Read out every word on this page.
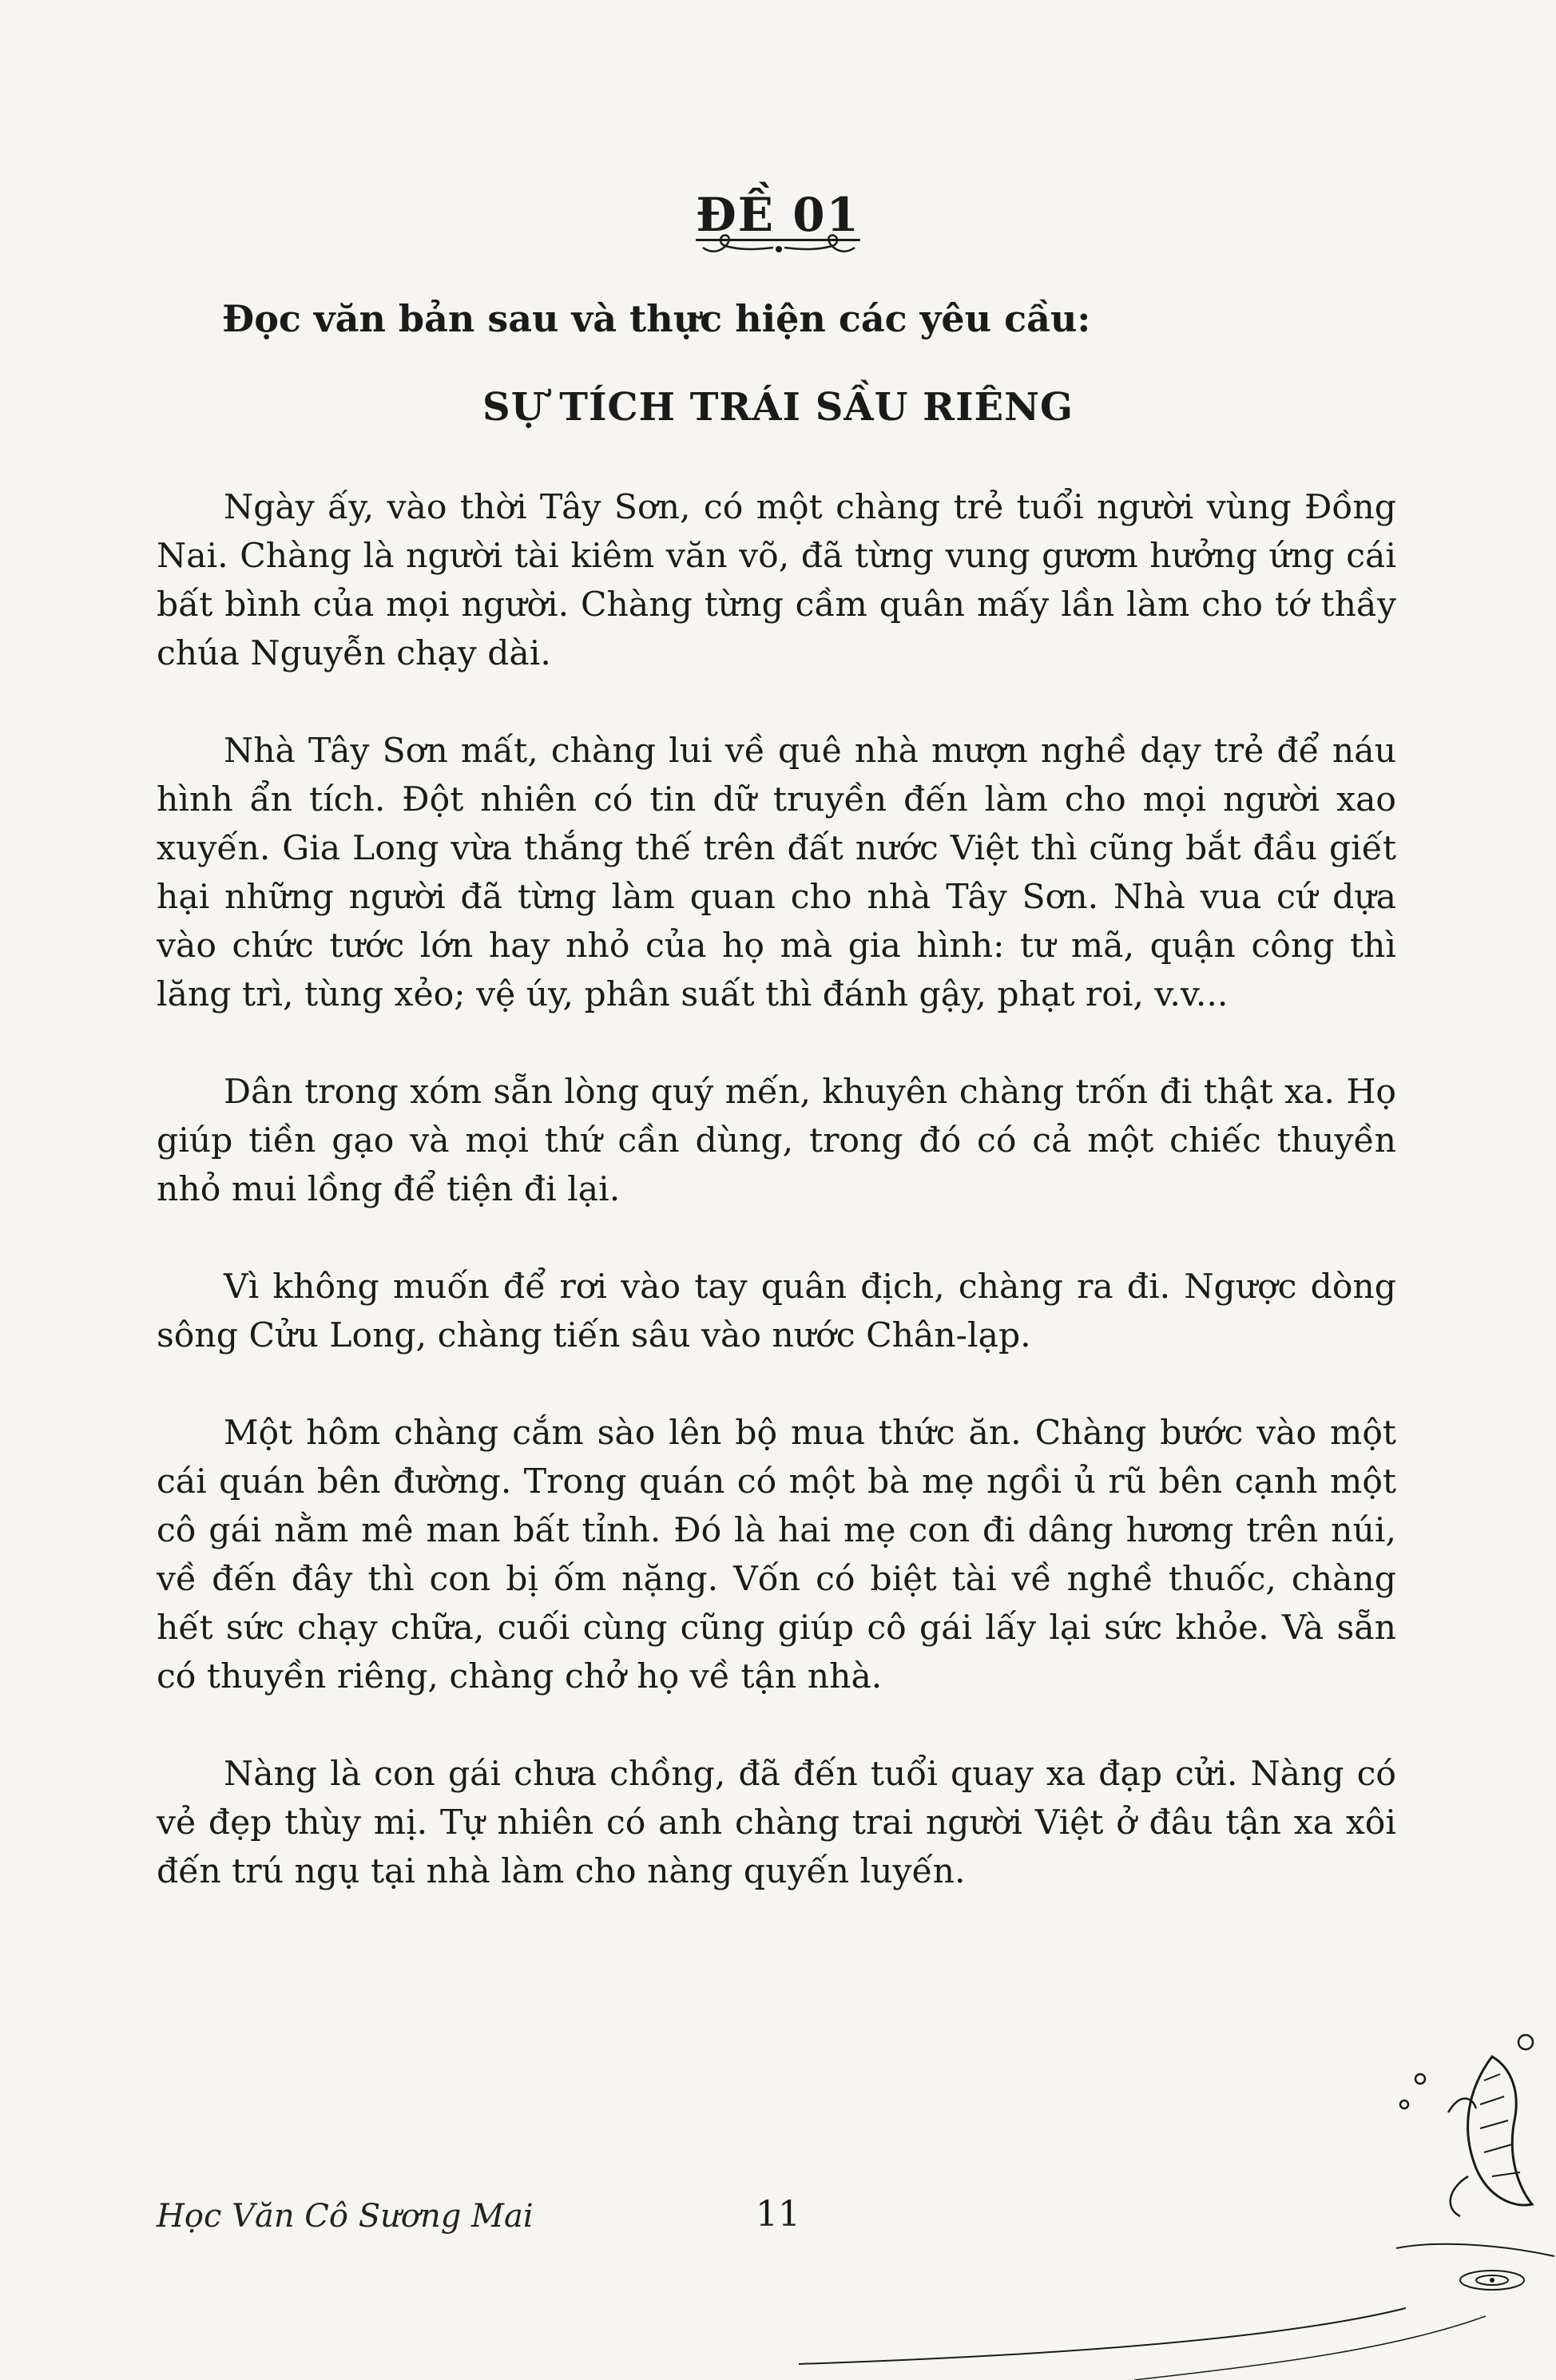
ĐỀ 01
Đọc văn bản sau và thực hiện các yêu cầu:
SỰ TÍCH TRÁI SẦU RIÊNG

Ngày ấy, vào thời Tây Sơn, có một chàng trẻ tuổi người vùng Đồng Nai. Chàng là người tài kiêm văn võ, đã từng vung gươm hưởng ứng cái bất bình của mọi người. Chàng từng cầm quân mấy lần làm cho tớ thầy chúa Nguyễn chạy dài.

Nhà Tây Sơn mất, chàng lui về quê nhà mượn nghề dạy trẻ để náu hình ẩn tích. Đột nhiên có tin dữ truyền đến làm cho mọi người xao xuyến. Gia Long vừa thắng thế trên đất nước Việt thì cũng bắt đầu giết hại những người đã từng làm quan cho nhà Tây Sơn. Nhà vua cứ dựa vào chức tước lớn hay nhỏ của họ mà gia hình: tư mã, quận công thì lăng trì, tùng xẻo; vệ úy, phân suất thì đánh gậy, phạt roi, v.v...

Dân trong xóm sẵn lòng quý mến, khuyên chàng trốn đi thật xa. Họ giúp tiền gạo và mọi thứ cần dùng, trong đó có cả một chiếc thuyền nhỏ mui lồng để tiện đi lại.

Vì không muốn để rơi vào tay quân địch, chàng ra đi. Ngược dòng sông Cửu Long, chàng tiến sâu vào nước Chân-lạp.

Một hôm chàng cắm sào lên bộ mua thức ăn. Chàng bước vào một cái quán bên đường. Trong quán có một bà mẹ ngồi ủ rũ bên cạnh một cô gái nằm mê man bất tỉnh. Đó là hai mẹ con đi dâng hương trên núi, về đến đây thì con bị ốm nặng. Vốn có biệt tài về nghề thuốc, chàng hết sức chạy chữa, cuối cùng cũng giúp cô gái lấy lại sức khỏe. Và sẵn có thuyền riêng, chàng chở họ về tận nhà.

Nàng là con gái chưa chồng, đã đến tuổi quay xa đạp cửi. Nàng có vẻ đẹp thùy mị. Tự nhiên có anh chàng trai người Việt ở đâu tận xa xôi đến trú ngụ tại nhà làm cho nàng quyến luyến.

Học Văn Cô Sương Mai	11
